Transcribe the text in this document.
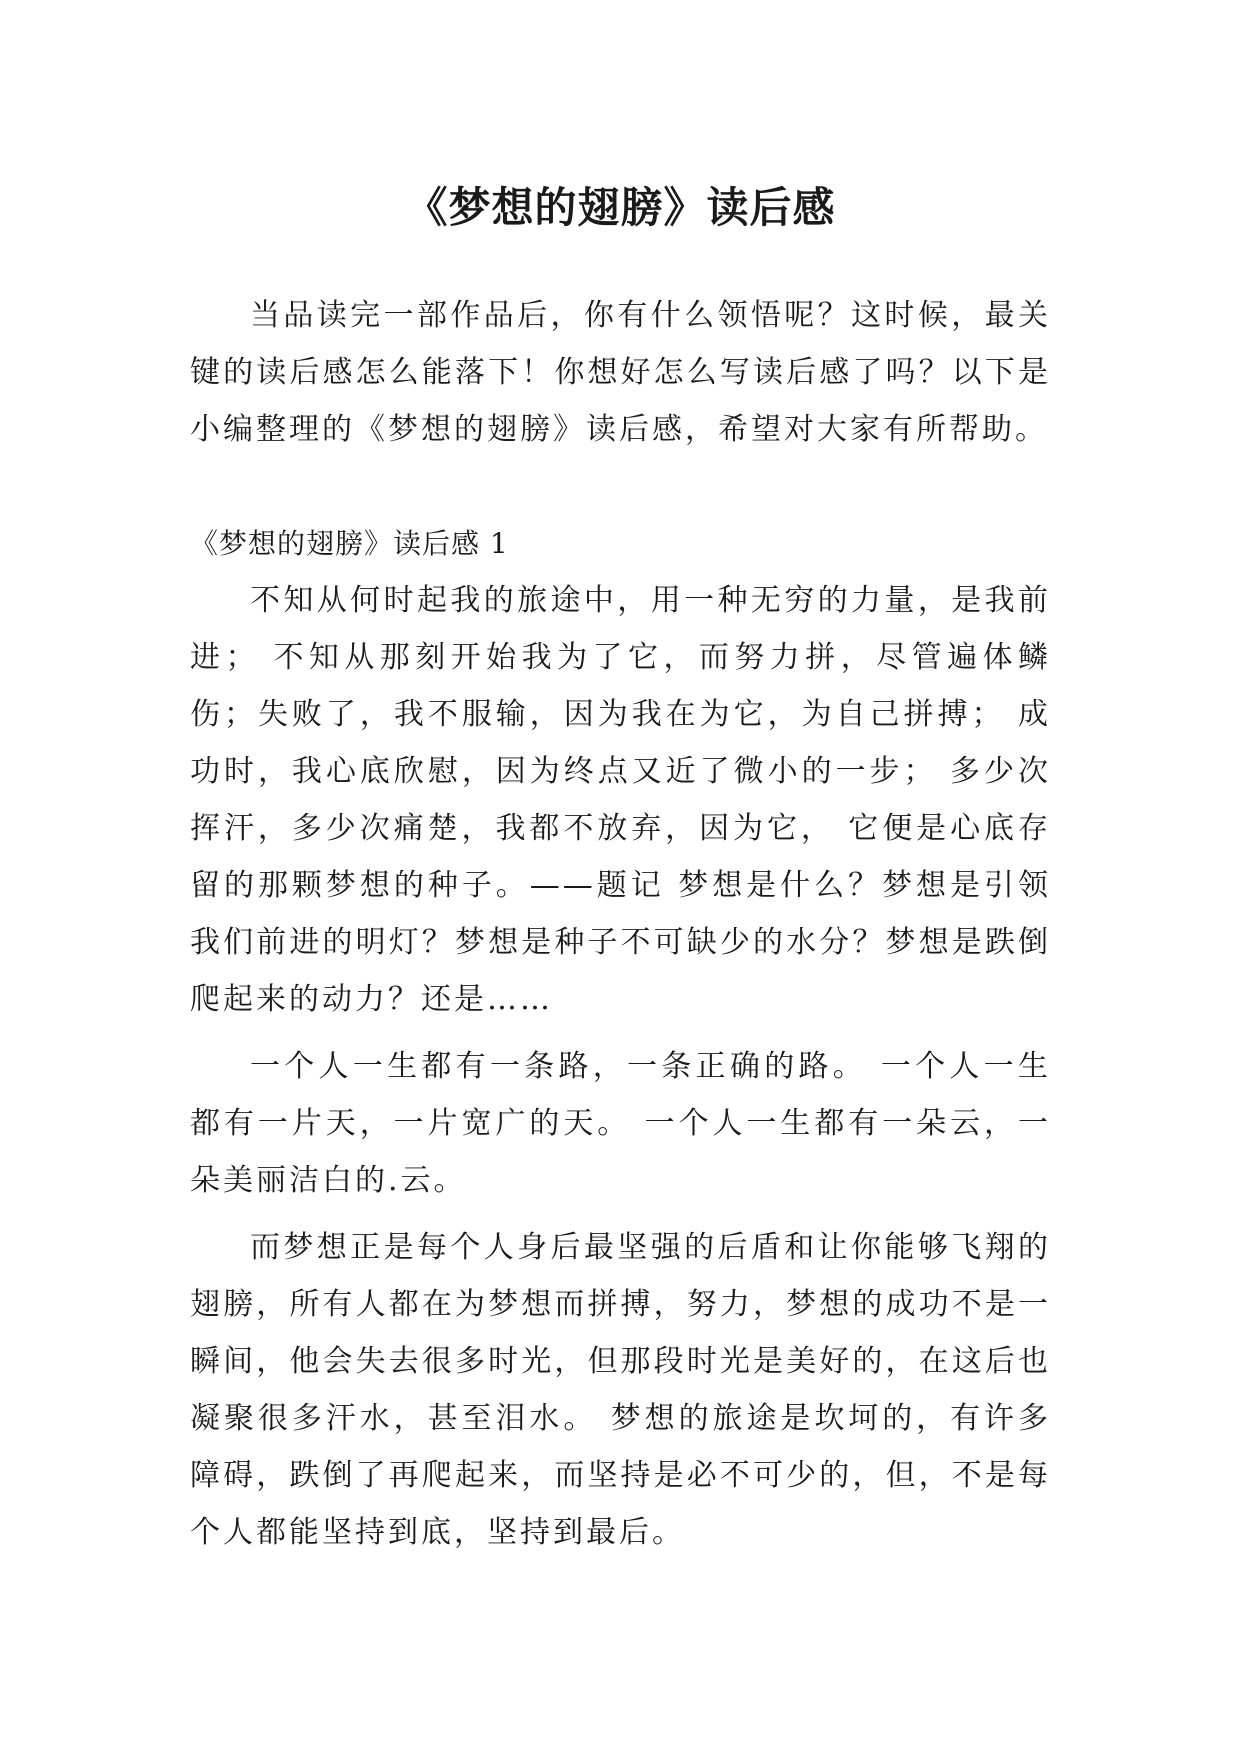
《梦想的翅膀》读后感

当品读完一部作品后，你有什么领悟呢？这时候，最关键的读后感怎么能落下！你想好怎么写读后感了吗？以下是小编整理的《梦想的翅膀》读后感，希望对大家有所帮助。

《梦想的翅膀》读后感 1

不知从何时起我的旅途中，用一种无穷的力量，是我前进； 不知从那刻开始我为了它，而努力拼，尽管遍体鳞伤；失败了，我不服输，因为我在为它，为自己拼搏； 成功时，我心底欣慰，因为终点又近了微小的一步； 多少次挥汗，多少次痛楚，我都不放弃，因为它， 它便是心底存留的那颗梦想的种子。——题记 梦想是什么？梦想是引领我们前进的明灯？梦想是种子不可缺少的水分？梦想是跌倒爬起来的动力？还是……

一个人一生都有一条路，一条正确的路。 一个人一生都有一片天，一片宽广的天。 一个人一生都有一朵云，一朵美丽洁白的.云。

而梦想正是每个人身后最坚强的后盾和让你能够飞翔的翅膀，所有人都在为梦想而拼搏，努力，梦想的成功不是一瞬间，他会失去很多时光，但那段时光是美好的，在这后也凝聚很多汗水，甚至泪水。 梦想的旅途是坎坷的，有许多障碍，跌倒了再爬起来，而坚持是必不可少的，但，不是每个人都能坚持到底，坚持到最后。
